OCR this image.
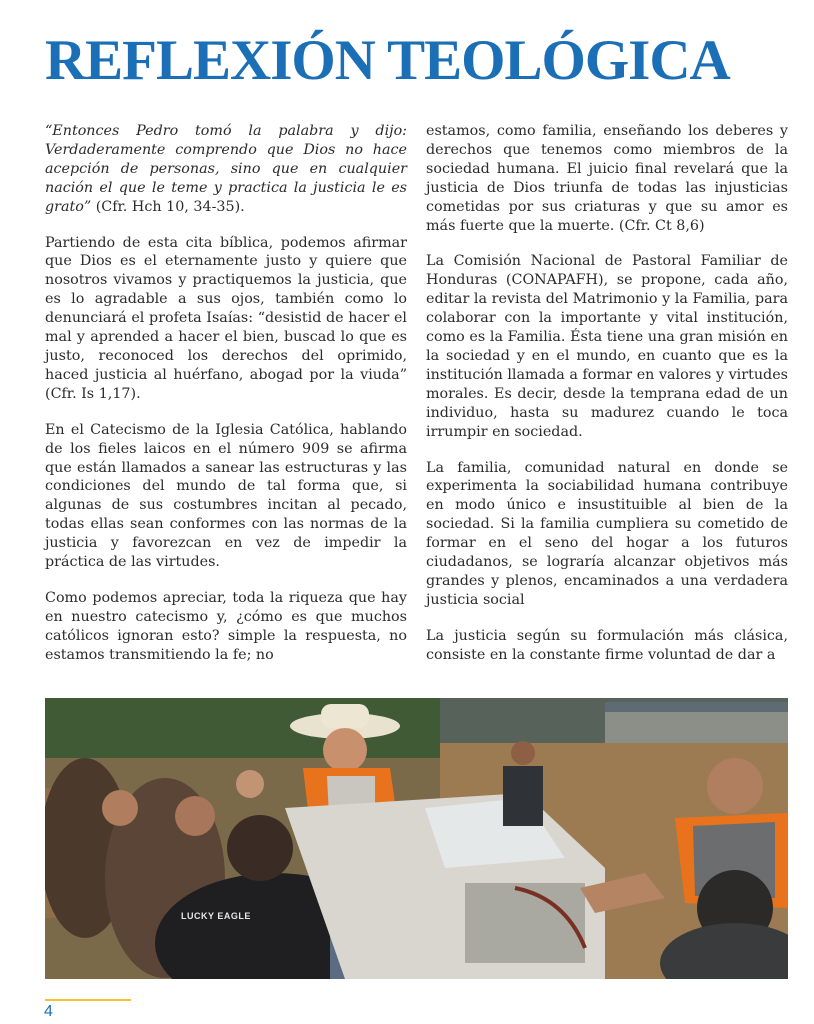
REFLEXIÓN TEOLÓGICA

“Entonces Pedro tomó la palabra y dijo: Verdaderamente comprendo que Dios no hace acepción de personas, sino que en cualquier nación el que le teme y practica la justicia le es grato” (Cfr. Hch 10, 34-35).

Partiendo de esta cita bíblica, podemos afirmar que Dios es el eternamente justo y quiere que nosotros vivamos y practiquemos la justicia, que es lo agradable a sus ojos, también como lo denunciará el profeta Isaías: “desistid de hacer el mal y aprended a hacer el bien, buscad lo que es justo, reconoced los derechos del oprimido, haced justicia al huérfano, abogad por la viuda” (Cfr. Is 1,17).

En el Catecismo de la Iglesia Católica, hablando de los fieles laicos en el número 909 se afirma que están llamados a sanear las estructuras y las condiciones del mundo de tal forma que, si algunas de sus costumbres incitan al pecado, todas ellas sean conformes con las normas de la justicia y favorezcan en vez de impedir la práctica de las virtudes.

Como podemos apreciar, toda la riqueza que hay en nuestro catecismo y, ¿cómo es que muchos católicos ignoran esto? simple la respuesta, no estamos transmitiendo la fe; no

estamos, como familia, enseñando los deberes y derechos que tenemos como miembros de la sociedad humana. El juicio final revelará que la justicia de Dios triunfa de todas las injusticias cometidas por sus criaturas y que su amor es más fuerte que la muerte. (Cfr. Ct 8,6)

La Comisión Nacional de Pastoral Familiar de Honduras (CONAPAFH), se propone, cada año, editar la revista del Matrimonio y la Familia, para colaborar con la importante y vital institución, como es la Familia. Ésta tiene una gran misión en la sociedad y en el mundo, en cuanto que es la institución llamada a formar en valores y virtudes morales. Es decir, desde la temprana edad de un individuo, hasta su madurez cuando le toca irrumpir en sociedad.

La familia, comunidad natural en donde se experimenta la sociabilidad humana contribuye en modo único e insustituible al bien de la sociedad. Si la familia cumpliera su cometido de formar en el seno del hogar a los futuros ciudadanos, se lograría alcanzar objetivos más grandes y plenos, encaminados a una verdadera justicia social

La justicia según su formulación más clásica, consiste en la constante firme voluntad de dar a

LUCKY EAGLE
4
